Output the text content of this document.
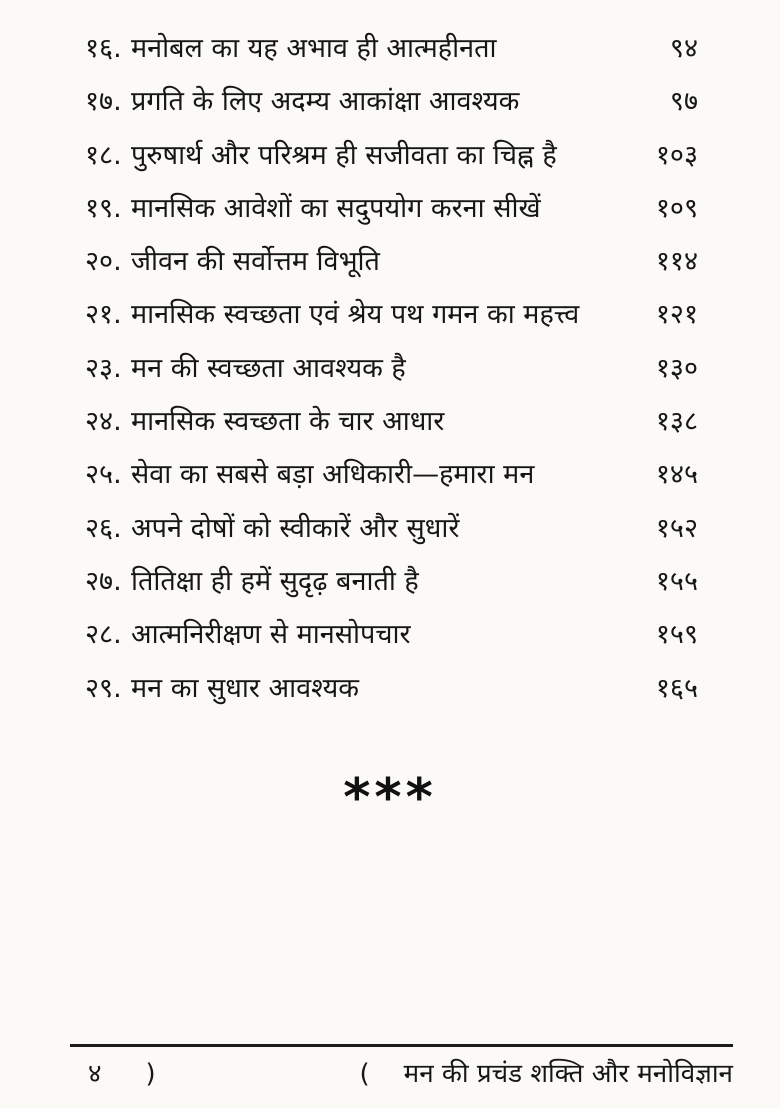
१६. मनोबल का यह अभाव ही आत्महीनता	९४
१७. प्रगति के लिए अदम्य आकांक्षा आवश्यक	९७
१८. पुरुषार्थ और परिश्रम ही सजीवता का चिह्न है	१०३
१९. मानसिक आवेशों का सदुपयोग करना सीखें	१०९
२०. जीवन की सर्वोत्तम विभूति	११४
२१. मानसिक स्वच्छता एवं श्रेय पथ गमन का महत्त्व	१२१
२३. मन की स्वच्छता आवश्यक है	१३०
२४. मानसिक स्वच्छता के चार आधार	१३८
२५. सेवा का सबसे बड़ा अधिकारी—हमारा मन	१४५
२६. अपने दोषों को स्वीकारें और सुधारें	१५२
२७. तितिक्षा ही हमें सुदृढ़ बनाती है	१५५
२८. आत्मनिरीक्षण से मानसोपचार	१५९
२९. मन का सुधार आवश्यक	१६५
***
४ )	( मन की प्रचंड शक्ति और मनोविज्ञान
